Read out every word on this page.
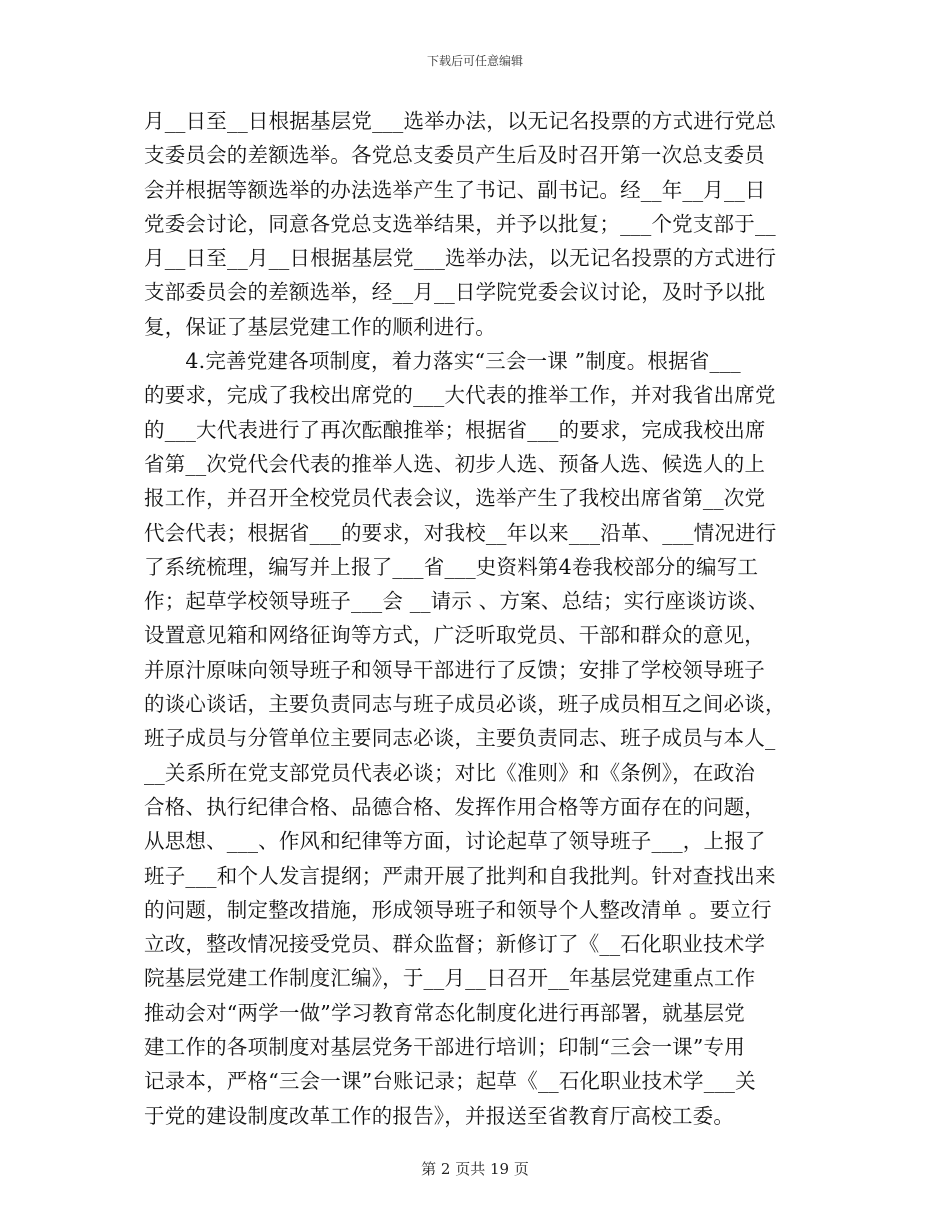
下载后可任意编辑
月__日至__日根据基层党___选举办法，以无记名投票的方式进行党总
支委员会的差额选举。各党总支委员产生后及时召开第一次总支委员
会并根据等额选举的办法选举产生了书记、副书记。经__年__月__日
党委会讨论，同意各党总支选举结果，并予以批复；___个党支部于__
月__日至__月__日根据基层党___选举办法，以无记名投票的方式进行
支部委员会的差额选举，经__月__日学院党委会议讨论，及时予以批
复，保证了基层党建工作的顺利进行。
　　4.完善党建各项制度，着力落实“三会一课 ”制度。根据省___
的要求，完成了我校出席党的___大代表的推举工作，并对我省出席党
的___大代表进行了再次酝酿推举；根据省___的要求，完成我校出席
省第__次党代会代表的推举人选、初步人选、预备人选、候选人的上
报工作，并召开全校党员代表会议，选举产生了我校出席省第__次党
代会代表；根据省___的要求，对我校__年以来___沿革、___情况进行
了系统梳理，编写并上报了___省___史资料第4卷我校部分的编写工
作；起草学校领导班子___会 __请示 、方案、总结；实行座谈访谈、
设置意见箱和网络征询等方式，广泛听取党员、干部和群众的意见，
并原汁原味向领导班子和领导干部进行了反馈；安排了学校领导班子
的谈心谈话，主要负责同志与班子成员必谈，班子成员相互之间必谈，
班子成员与分管单位主要同志必谈，主要负责同志、班子成员与本人_
__关系所在党支部党员代表必谈；对比《准则》和《条例》，在政治
合格、执行纪律合格、品德合格、发挥作用合格等方面存在的问题，
从思想、___、作风和纪律等方面，讨论起草了领导班子___，上报了
班子___和个人发言提纲；严肃开展了批判和自我批判。针对查找出来
的问题，制定整改措施，形成领导班子和领导个人整改清单 。要立行
立改，整改情况接受党员、群众监督；新修订了《__石化职业技术学
院基层党建工作制度汇编》，于__月__日召开__年基层党建重点工作
推动会对“两学一做”学习教育常态化制度化进行再部署，就基层党
建工作的各项制度对基层党务干部进行培训；印制“三会一课”专用
记录本，严格“三会一课”台账记录；起草《__石化职业技术学___关
于党的建设制度改革工作的报告》，并报送至省教育厅高校工委。
第 2 页共 19 页
